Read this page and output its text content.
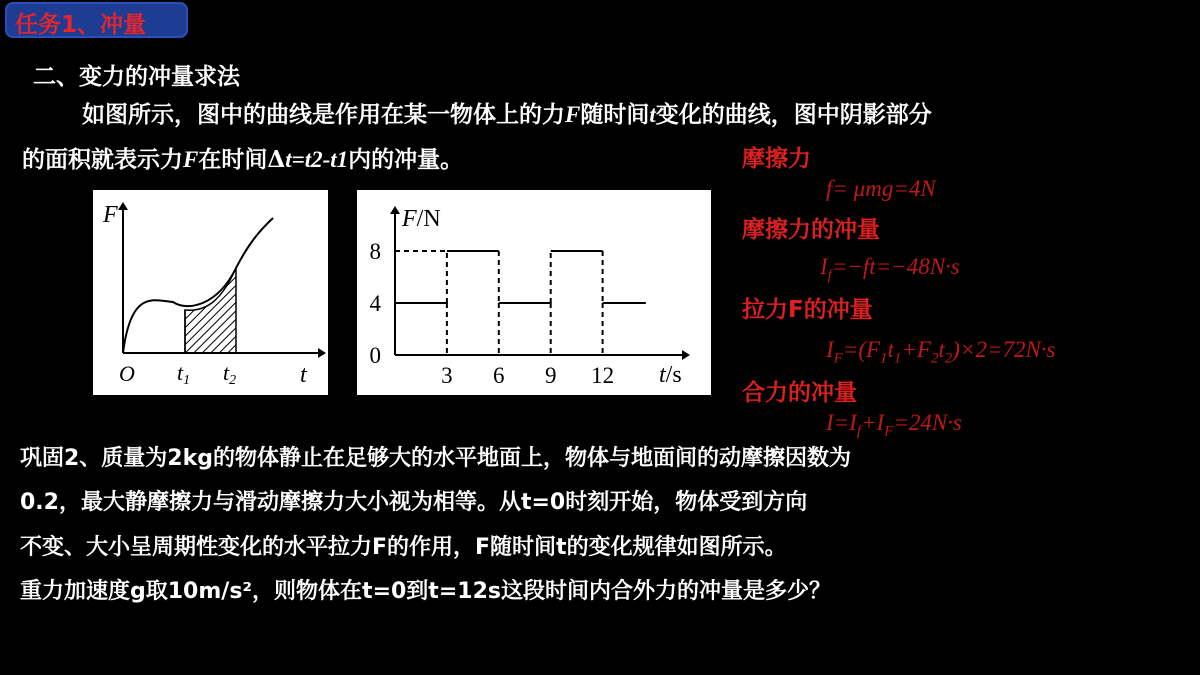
任务1、冲量
二、变力的冲量求法
如图所示，图中的曲线是作用在某一物体上的力F随时间t变化的曲线，图中阴影部分
的面积就表示力F在时间Δt=t2-t1内的冲量。
F
t
O t1 t2
F/N
t/s
3 6 9 12
0
4
8
摩擦力
f= μmg=4N
摩擦力的冲量
$I_f=-ft=-48N\cdot s$
拉力F的冲量
$I_F=(F_1t_1+F_2t_2)\times 2=72N\cdot s$
合力的冲量
$I=I_f+I_F=24N\cdot s$
巩固2、质量为2kg的物体静止在足够大的水平地面上，物体与地面间的动摩擦因数为
0.2，最大静摩擦力与滑动摩擦力大小视为相等。从t=0时刻开始，物体受到方向
不变、大小呈周期性变化的水平拉力F的作用，F随时间t的变化规律如图所示。
重力加速度g取10m/s²，则物体在t=0到t=12s这段时间内合外力的冲量是多少？
